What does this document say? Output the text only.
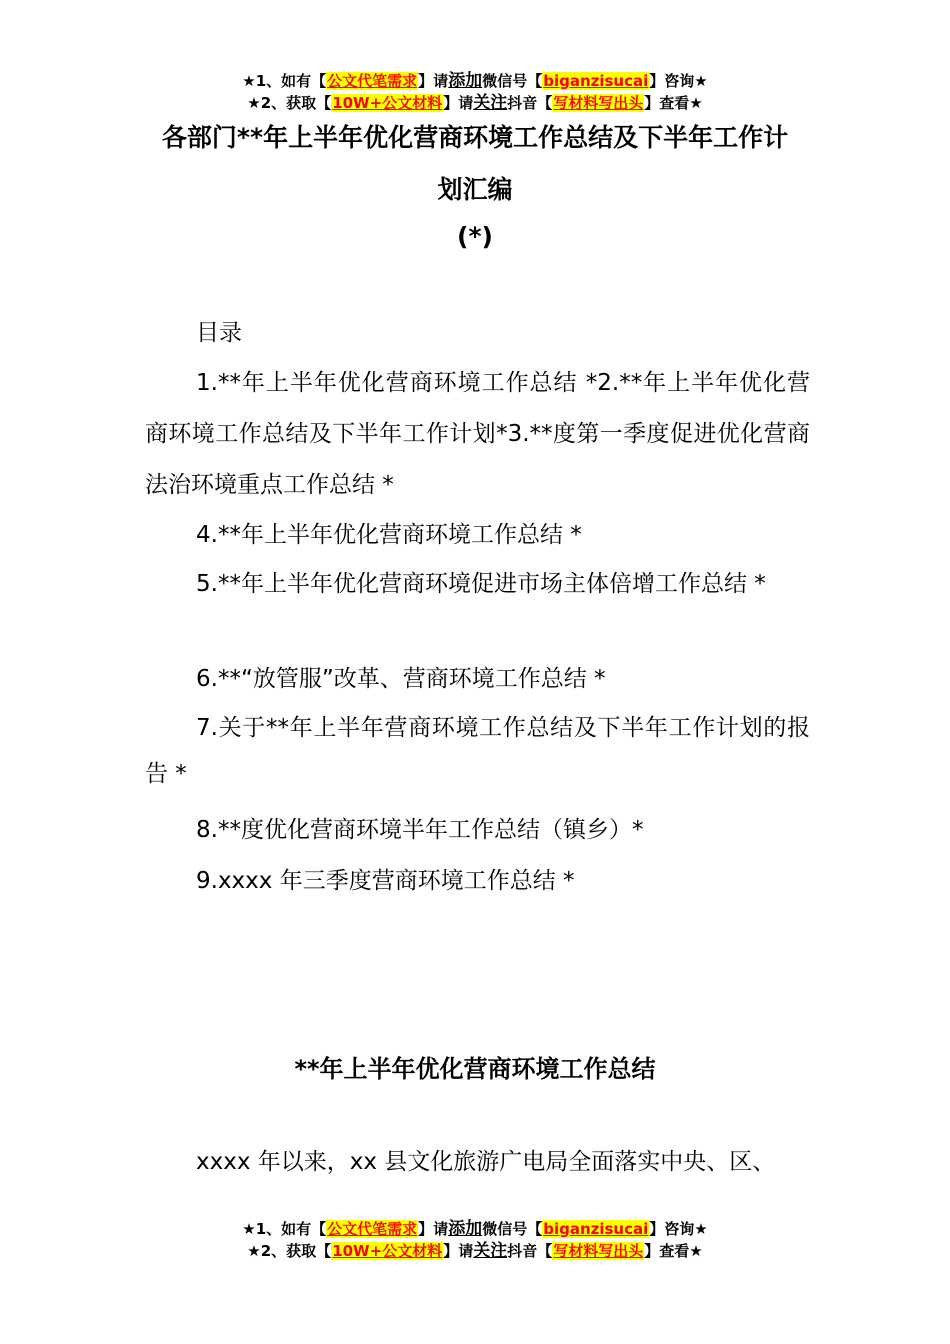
★1、如有【公文代笔需求】请添加微信号【biganzisucai】咨询★
★2、获取【10W+公文材料】请关注抖音【写材料写出头】查看★
各部门**年上半年优化营商环境工作总结及下半年工作计
划汇编
(*)
目录
1.**年上半年优化营商环境工作总结 *2.**年上半年优化营商环境工作总结及下半年工作计划*3.**度第一季度促进优化营商法治环境重点工作总结 *
4.**年上半年优化营商环境工作总结 *
5.**年上半年优化营商环境促进市场主体倍增工作总结 *
6.**“放管服”改革、营商环境工作总结 *
7.关于**年上半年营商环境工作总结及下半年工作计划的报告 *
8.**度优化营商环境半年工作总结（镇乡）*
9.xxxx 年三季度营商环境工作总结 *
**年上半年优化营商环境工作总结
xxxx 年以来，xx 县文化旅游广电局全面落实中央、区、
★1、如有【公文代笔需求】请添加微信号【biganzisucai】咨询★
★2、获取【10W+公文材料】请关注抖音【写材料写出头】查看★
